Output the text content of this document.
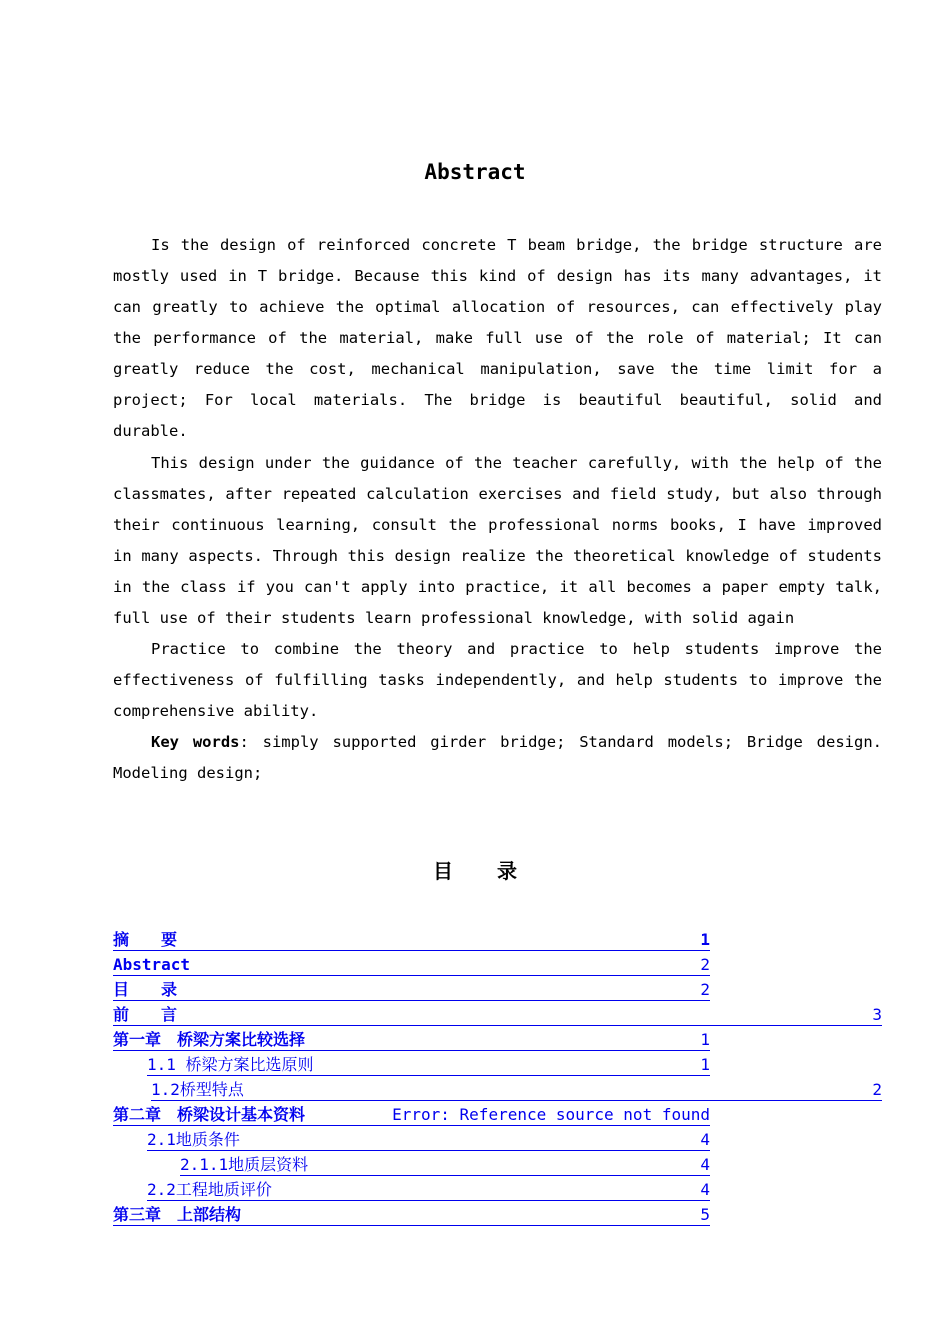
Abstract

Is the design of reinforced concrete T beam bridge, the bridge structure are mostly used in T bridge. Because this kind of design has its many advantages, it can greatly to achieve the optimal allocation of resources, can effectively play the performance of the material, make full use of the role of material; It can greatly reduce the cost, mechanical manipulation, save the time limit for a project; For local materials. The bridge is beautiful beautiful, solid and durable.

This design under the guidance of the teacher carefully, with the help of the classmates, after repeated calculation exercises and field study, but also through their continuous learning, consult the professional norms books, I have improved in many aspects. Through this design realize the theoretical knowledge of students in the class if you can't apply into practice, it all becomes a paper empty talk, full use of their students learn professional knowledge, with solid again

Practice to combine the theory and practice to help students improve the effectiveness of fulfilling tasks independently, and help students to improve the comprehensive ability.

Key words: simply supported girder bridge; Standard models; Bridge design. Modeling design;

目录
摘　　要	1
Abstract	2
目　　录	2
前　　言	3
第一章　桥梁方案比较选择	1
1.1 桥梁方案比选原则	1
1.2桥型特点	2
第二章　桥梁设计基本资料	Error: Reference source not found
2.1地质条件	4
2.1.1地质层资料	4
2.2工程地质评价	4
第三章　上部结构	5
